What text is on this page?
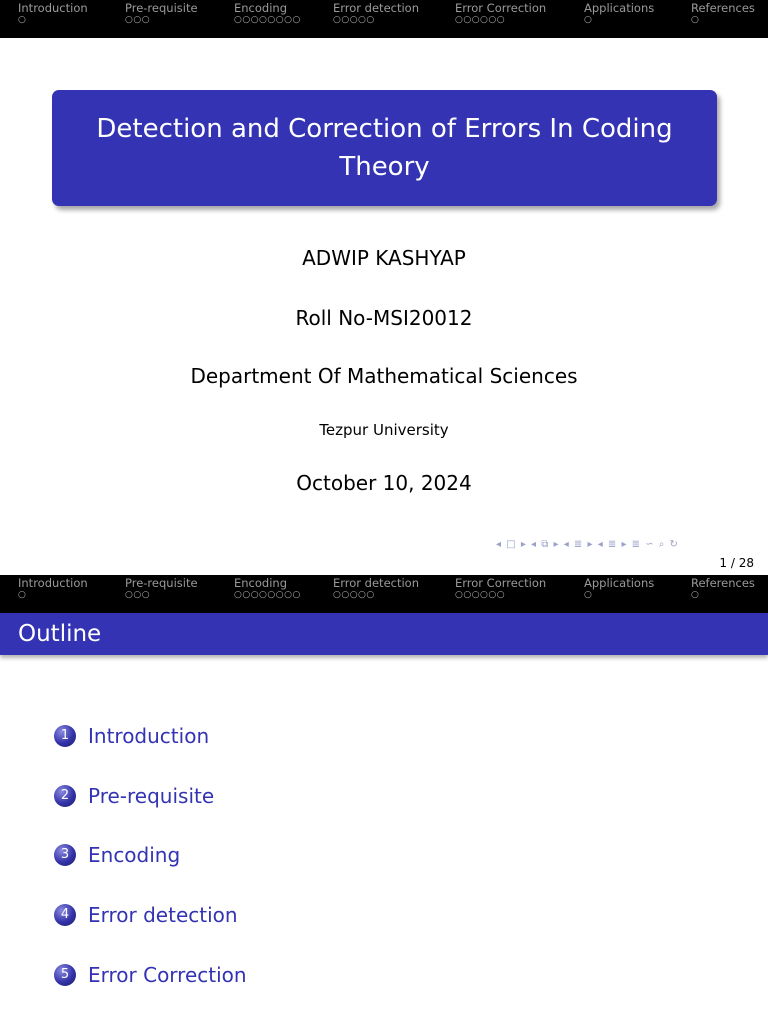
Introduction
○
Pre-requisite
○○○
Encoding
○○○○○○○○
Error detection
○○○○○
Error Correction
○○○○○○
Applications
○
References
○
Detection and Correction of Errors In Coding Theory
ADWIP KASHYAP
Roll No-MSI20012
Department Of Mathematical Sciences
Tezpur University
October 10, 2024
◂ □ ▸ ◂ ⧉ ▸ ◂ ≣ ▸ ◂ ≣ ▸ ≣ ∽ ⌕ ↻
1 / 28
Introduction
○
Pre-requisite
○○○
Encoding
○○○○○○○○
Error detection
○○○○○
Error Correction
○○○○○○
Applications
○
References
○
Outline
1 Introduction
2 Pre-requisite
3 Encoding
4 Error detection
5 Error Correction
